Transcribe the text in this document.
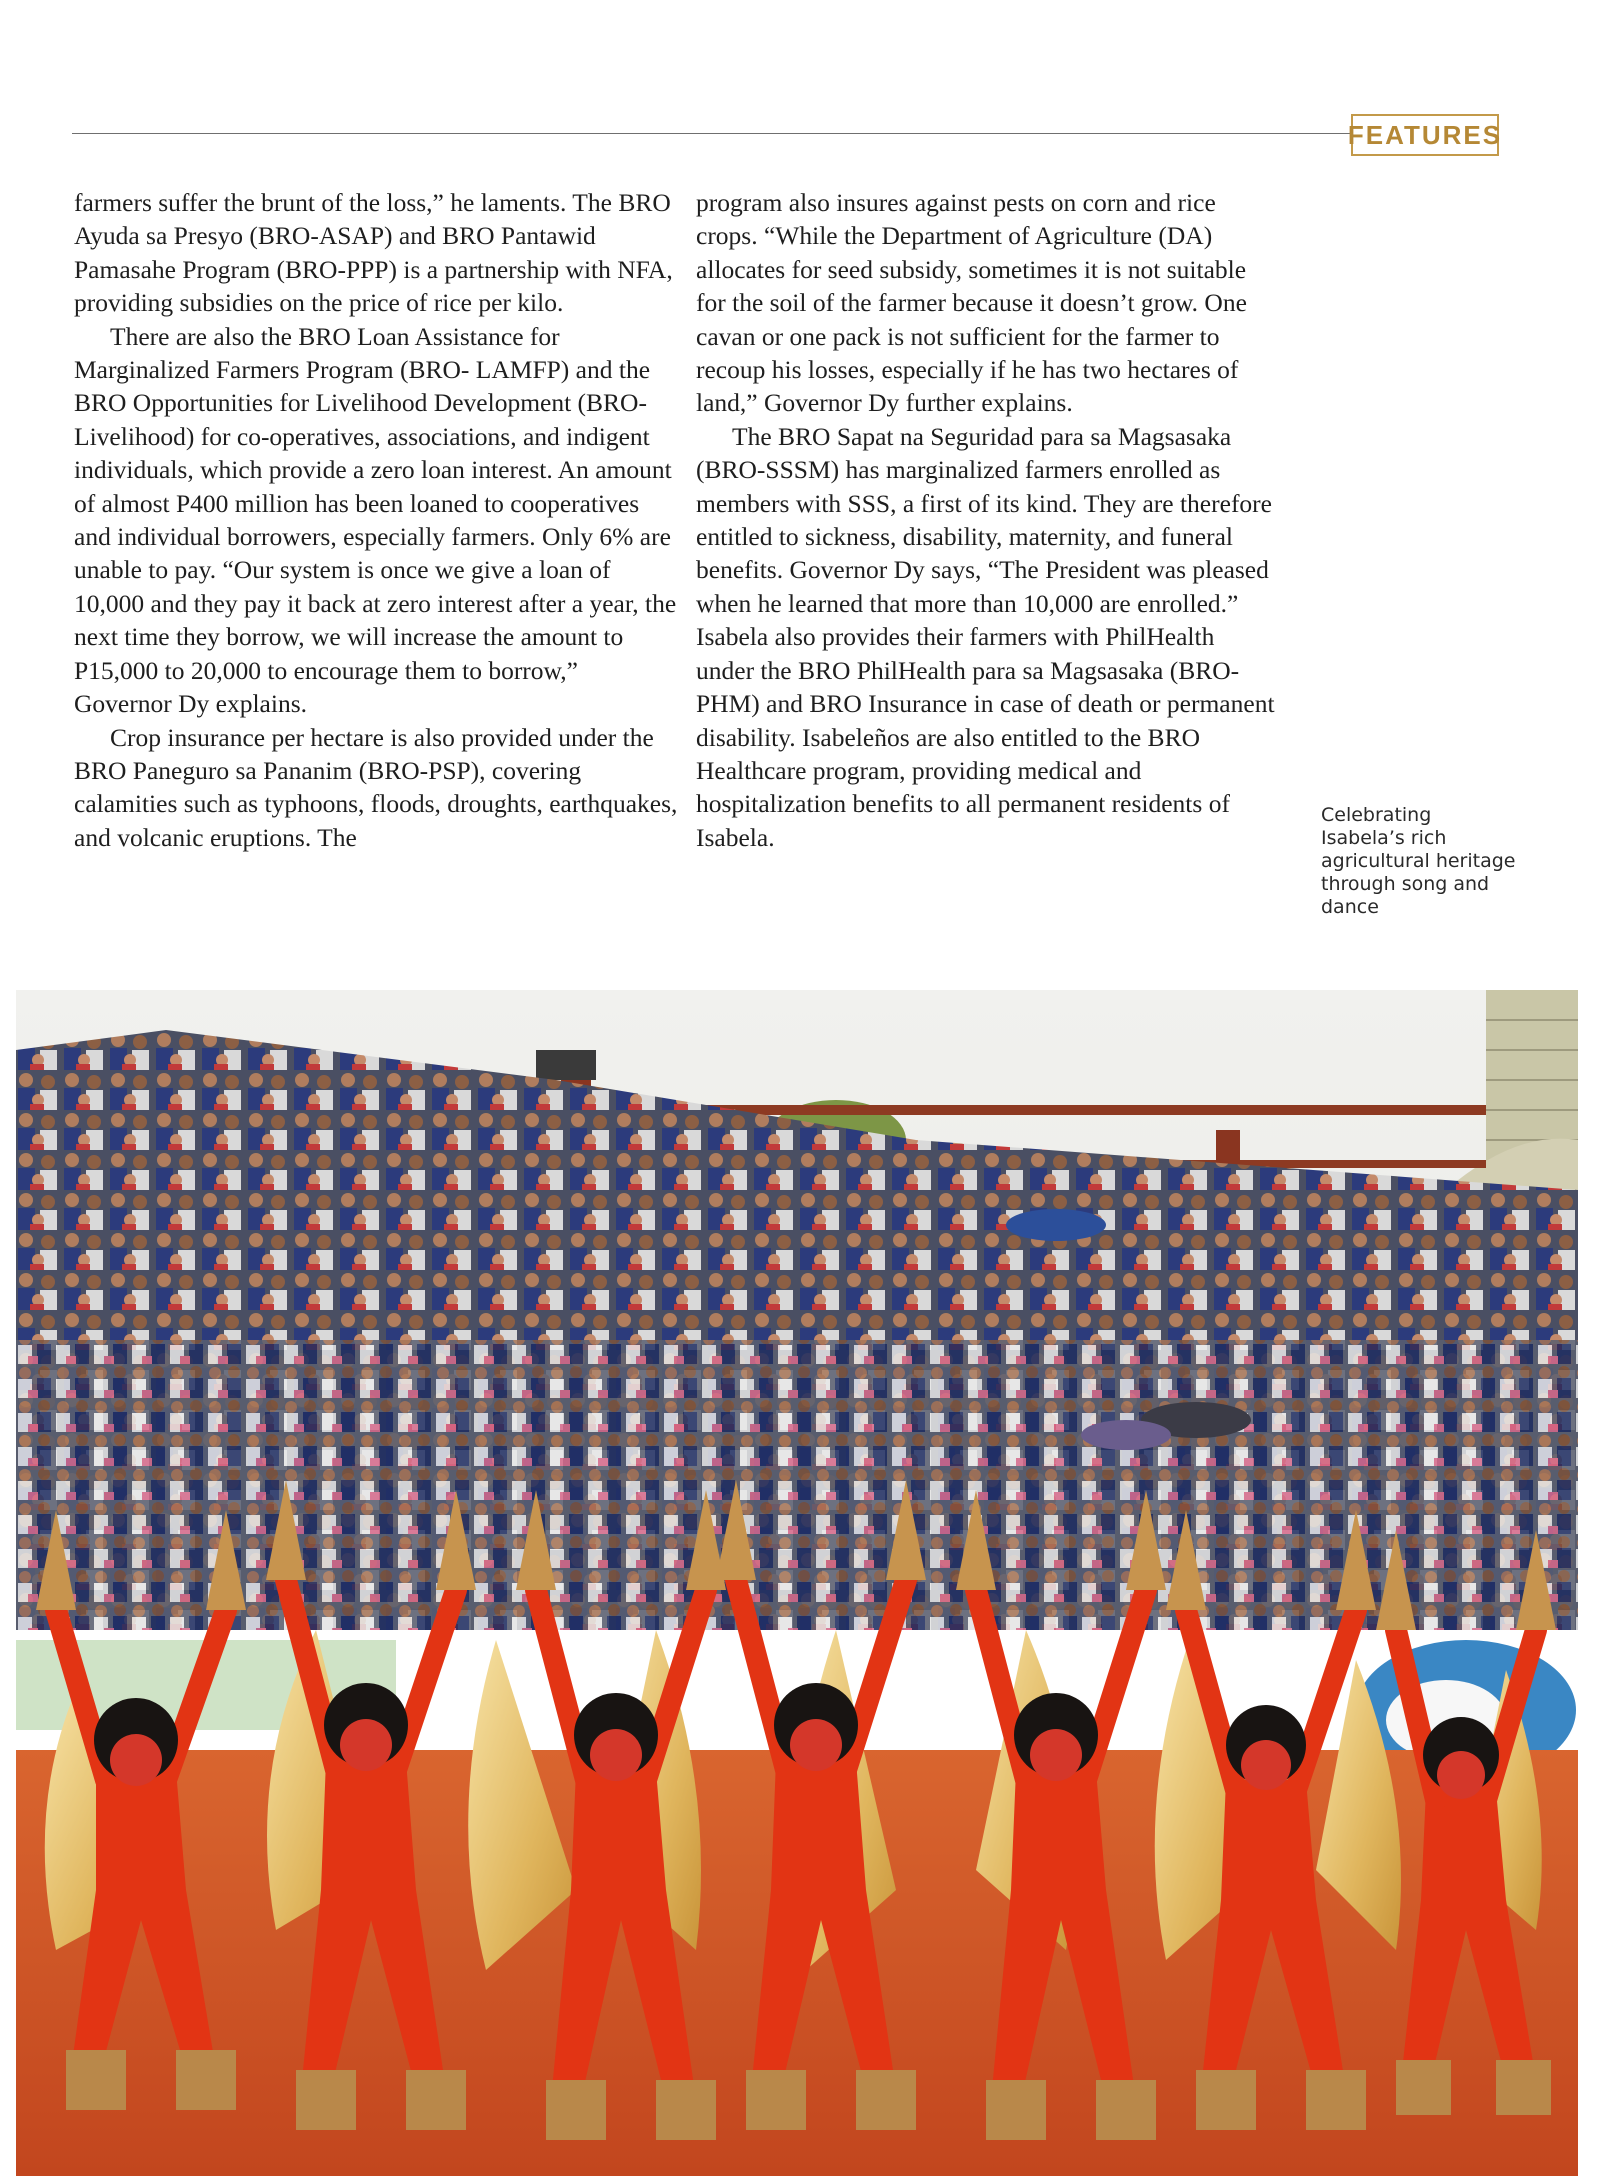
FEATURES

farmers suffer the brunt of the loss,” he laments. The BRO Ayuda sa Presyo (BRO-ASAP) and BRO Pantawid Pamasahe Program (BRO-PPP) is a partnership with NFA, providing subsidies on the price of rice per kilo.

There are also the BRO Loan Assistance for Marginalized Farmers Program (BRO- LAMFP) and the BRO Opportunities for Livelihood Development (BRO-Livelihood) for co-operatives, associations, and indigent individuals, which provide a zero loan interest. An amount of almost P400 million has been loaned to cooperatives and individual borrowers, especially farmers. Only 6% are unable to pay. “Our system is once we give a loan of 10,000 and they pay it back at zero interest after a year, the next time they borrow, we will increase the amount to P15,000 to 20,000 to encourage them to borrow,” Governor Dy explains.

Crop insurance per hectare is also provided under the BRO Paneguro sa Pananim (BRO-PSP), covering calamities such as typhoons, floods, droughts, earthquakes, and volcanic eruptions. The

program also insures against pests on corn and rice crops. “While the Department of Agriculture (DA) allocates for seed subsidy, sometimes it is not suitable for the soil of the farmer because it doesn’t grow. One cavan or one pack is not sufficient for the farmer to recoup his losses, especially if he has two hectares of land,” Governor Dy further explains.

The BRO Sapat na Seguridad para sa Magsasaka (BRO-SSSM) has marginalized farmers enrolled as members with SSS, a first of its kind. They are therefore entitled to sickness, disability, maternity, and funeral benefits. Governor Dy says, “The President was pleased when he learned that more than 10,000 are enrolled.” Isabela also provides their farmers with PhilHealth under the BRO PhilHealth para sa Magsasaka (BRO-PHM) and BRO Insurance in case of death or permanent disability. Isabeleños are also entitled to the BRO Healthcare program, providing medical and hospitalization benefits to all permanent residents of Isabela.

Celebrating Isabela’s rich agricultural heritage through song and dance
